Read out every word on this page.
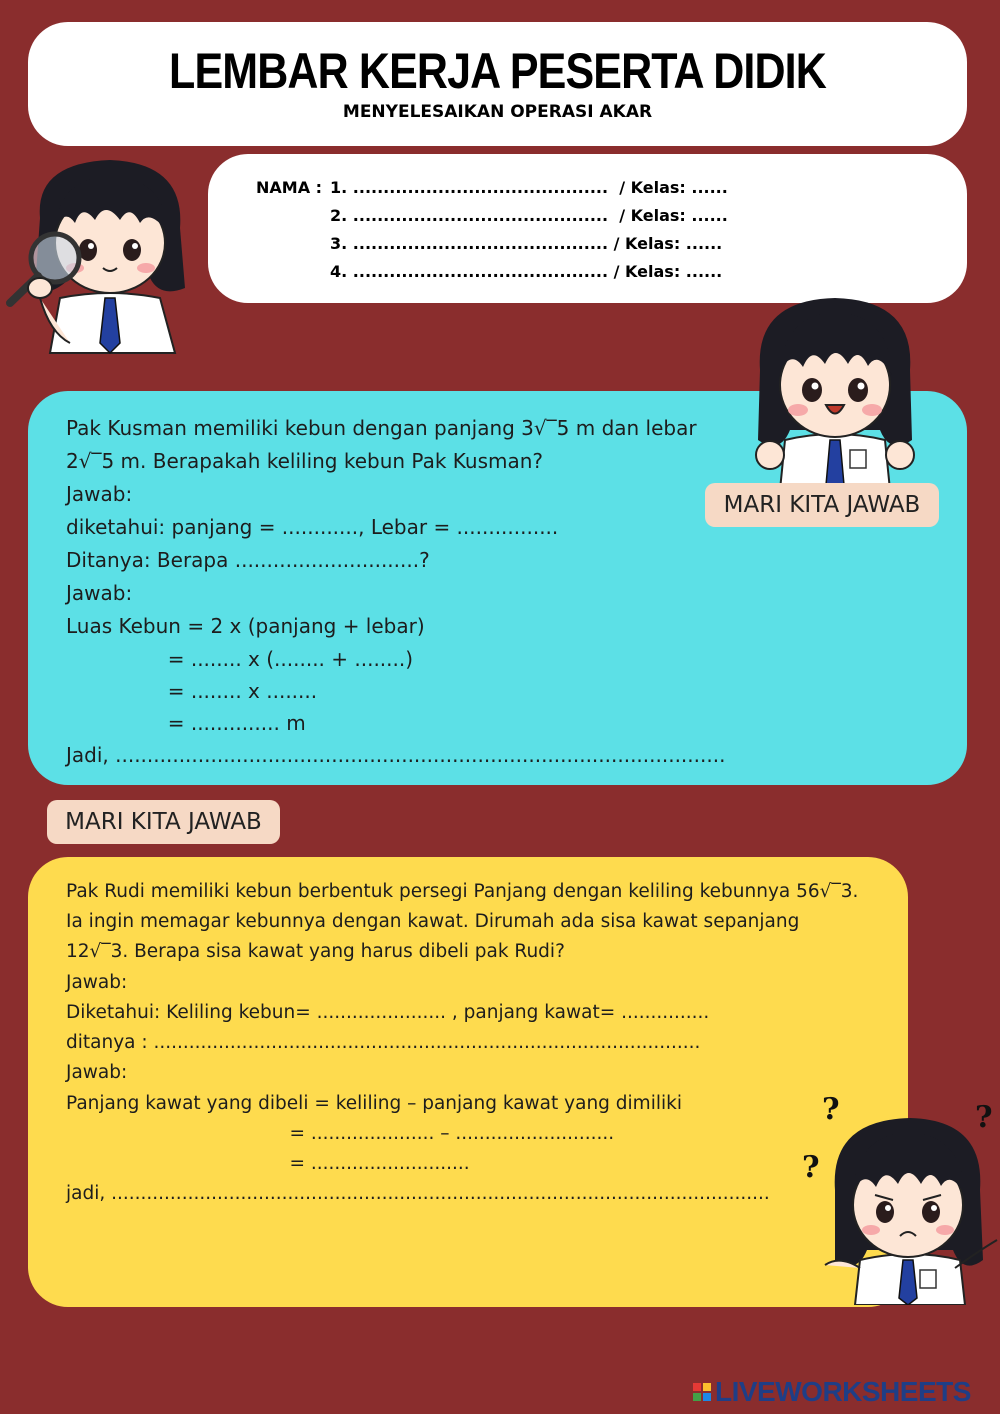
LEMBAR KERJA PESERTA DIDIK
MENYELESAIKAN OPERASI AKAR
NAMA : 1. ..........................................  / Kelas: ......
2. ..........................................  / Kelas: ......
3. .......................................... / Kelas: ......
4. .......................................... / Kelas: ......
Pak Kusman memiliki kebun dengan panjang 3√‾5 m dan lebar
2√‾5 m. Berapakah keliling kebun Pak Kusman?
Jawab:
diketahui: panjang = ............, Lebar = ................
Ditanya: Berapa .............................?
Jawab:
Luas Kebun = 2 x (panjang + lebar)
= ........ x (........ + ........)
= ........ x ........
= .............. m
Jadi, ................................................................................................
MARI KITA JAWAB
MARI KITA JAWAB
Pak Rudi memiliki kebun berbentuk persegi Panjang dengan keliling kebunnya 56√‾3.
Ia ingin memagar kebunnya dengan kawat. Dirumah ada sisa kawat sepanjang
12√‾3. Berapa sisa kawat yang harus dibeli pak Rudi?
Jawab:
Diketahui: Keliling kebun= ...................... , panjang kawat= ...............
ditanya : .............................................................................................
Jawab:
Panjang kawat yang dibeli = keliling – panjang kawat yang dimiliki
= ..................... – ...........................
= ...........................
jadi, ................................................................................................................
?	?
?
LIVEWORKSHEETS
